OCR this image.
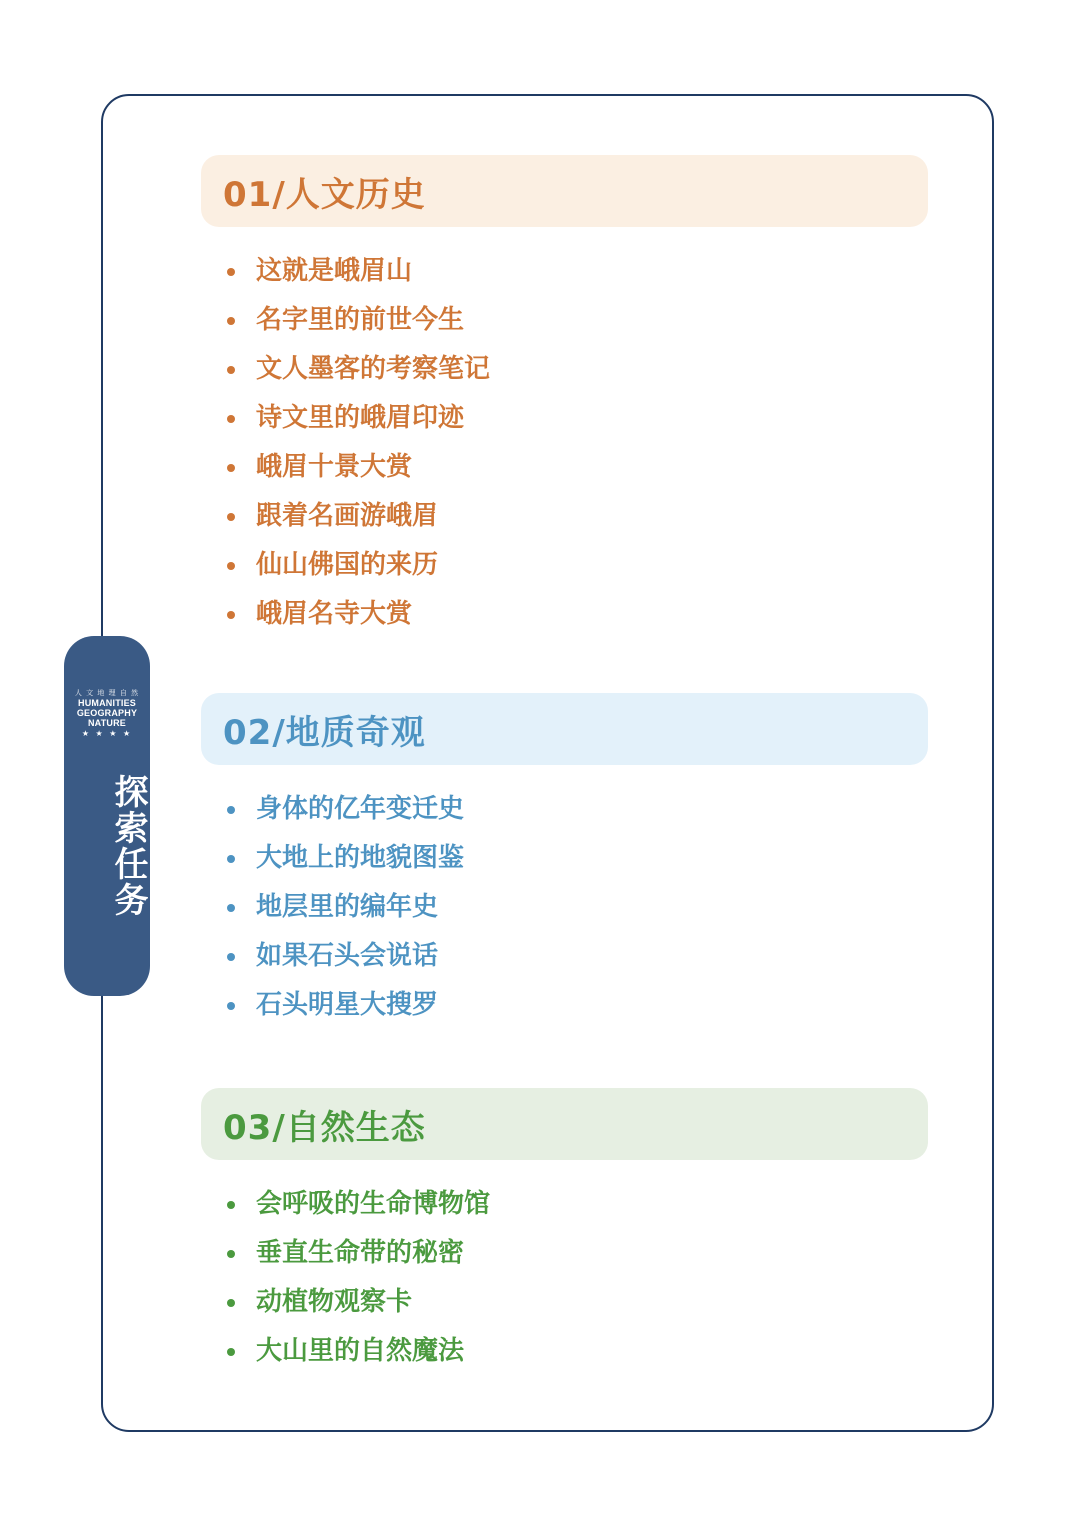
人 文 地 理 自 然
HUMANITIES
GEOGRAPHY
NATURE
★ ★ ★ ★
探
索
任
务
01/人文历史
这就是峨眉山
名字里的前世今生
文人墨客的考察笔记
诗文里的峨眉印迹
峨眉十景大赏
跟着名画游峨眉
仙山佛国的来历
峨眉名寺大赏
02/地质奇观
身体的亿年变迁史
大地上的地貌图鉴
地层里的编年史
如果石头会说话
石头明星大搜罗
03/自然生态
会呼吸的生命博物馆
垂直生命带的秘密
动植物观察卡
大山里的自然魔法
